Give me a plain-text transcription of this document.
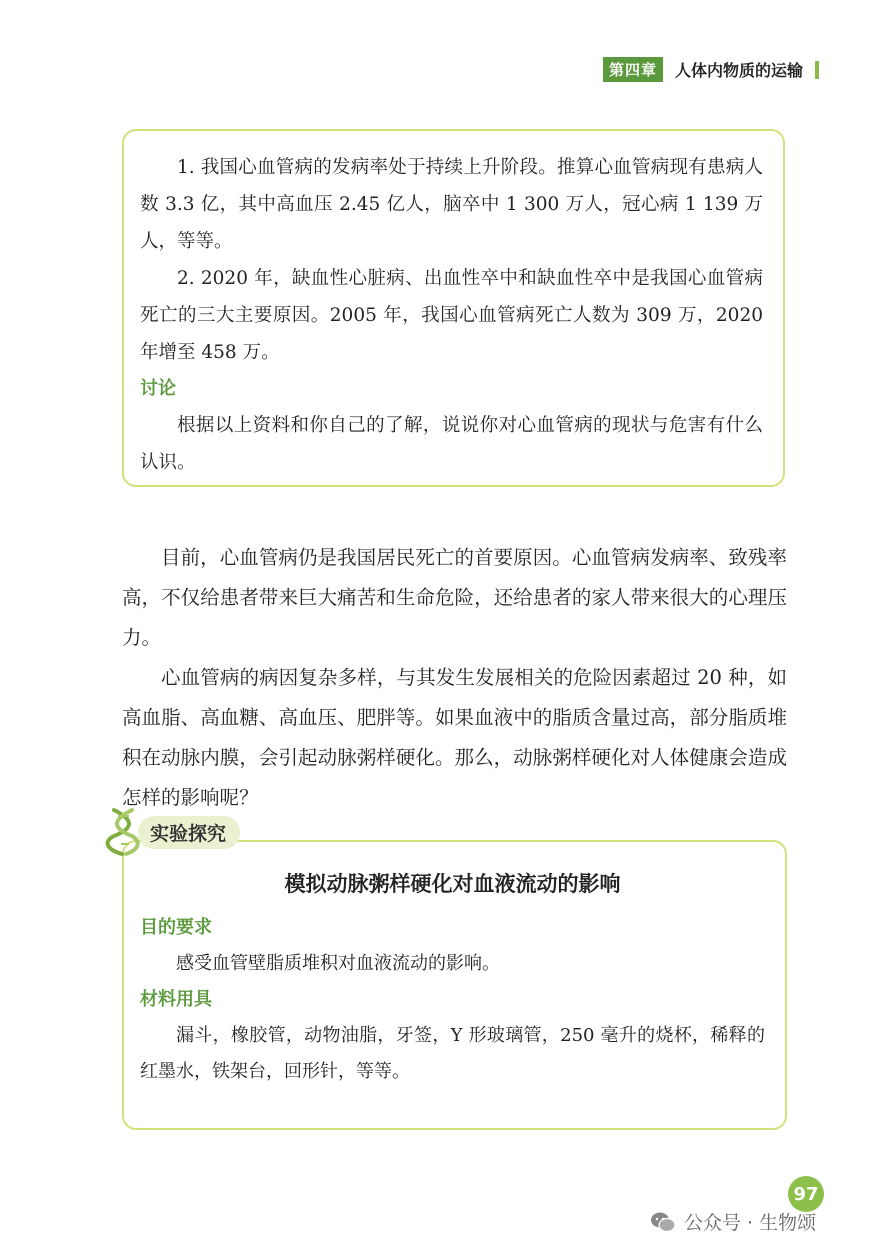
第四章	人体内物质的运输

1. 我国心血管病的发病率处于持续上升阶段。推算心血管病现有患病人数 3.3 亿，其中高血压 2.45 亿人，脑卒中 1 300 万人，冠心病 1 139 万人，等等。

2. 2020 年，缺血性心脏病、出血性卒中和缺血性卒中是我国心血管病死亡的三大主要原因。2005 年，我国心血管病死亡人数为 309 万，2020 年增至 458 万。

讨论

根据以上资料和你自己的了解，说说你对心血管病的现状与危害有什么认识。

目前，心血管病仍是我国居民死亡的首要原因。心血管病发病率、致残率高，不仅给患者带来巨大痛苦和生命危险，还给患者的家人带来很大的心理压力。

心血管病的病因复杂多样，与其发生发展相关的危险因素超过 20 种，如高血脂、高血糖、高血压、肥胖等。如果血液中的脂质含量过高，部分脂质堆积在动脉内膜，会引起动脉粥样硬化。那么，动脉粥样硬化对人体健康会造成怎样的影响呢？

模拟动脉粥样硬化对血液流动的影响
目的要求

感受血管壁脂质堆积对血液流动的影响。

材料用具

漏斗，橡胶管，动物油脂，牙签，Y 形玻璃管，250 毫升的烧杯，稀释的红墨水，铁架台，回形针，等等。

实验探究
97
公众号 · 生物颂
